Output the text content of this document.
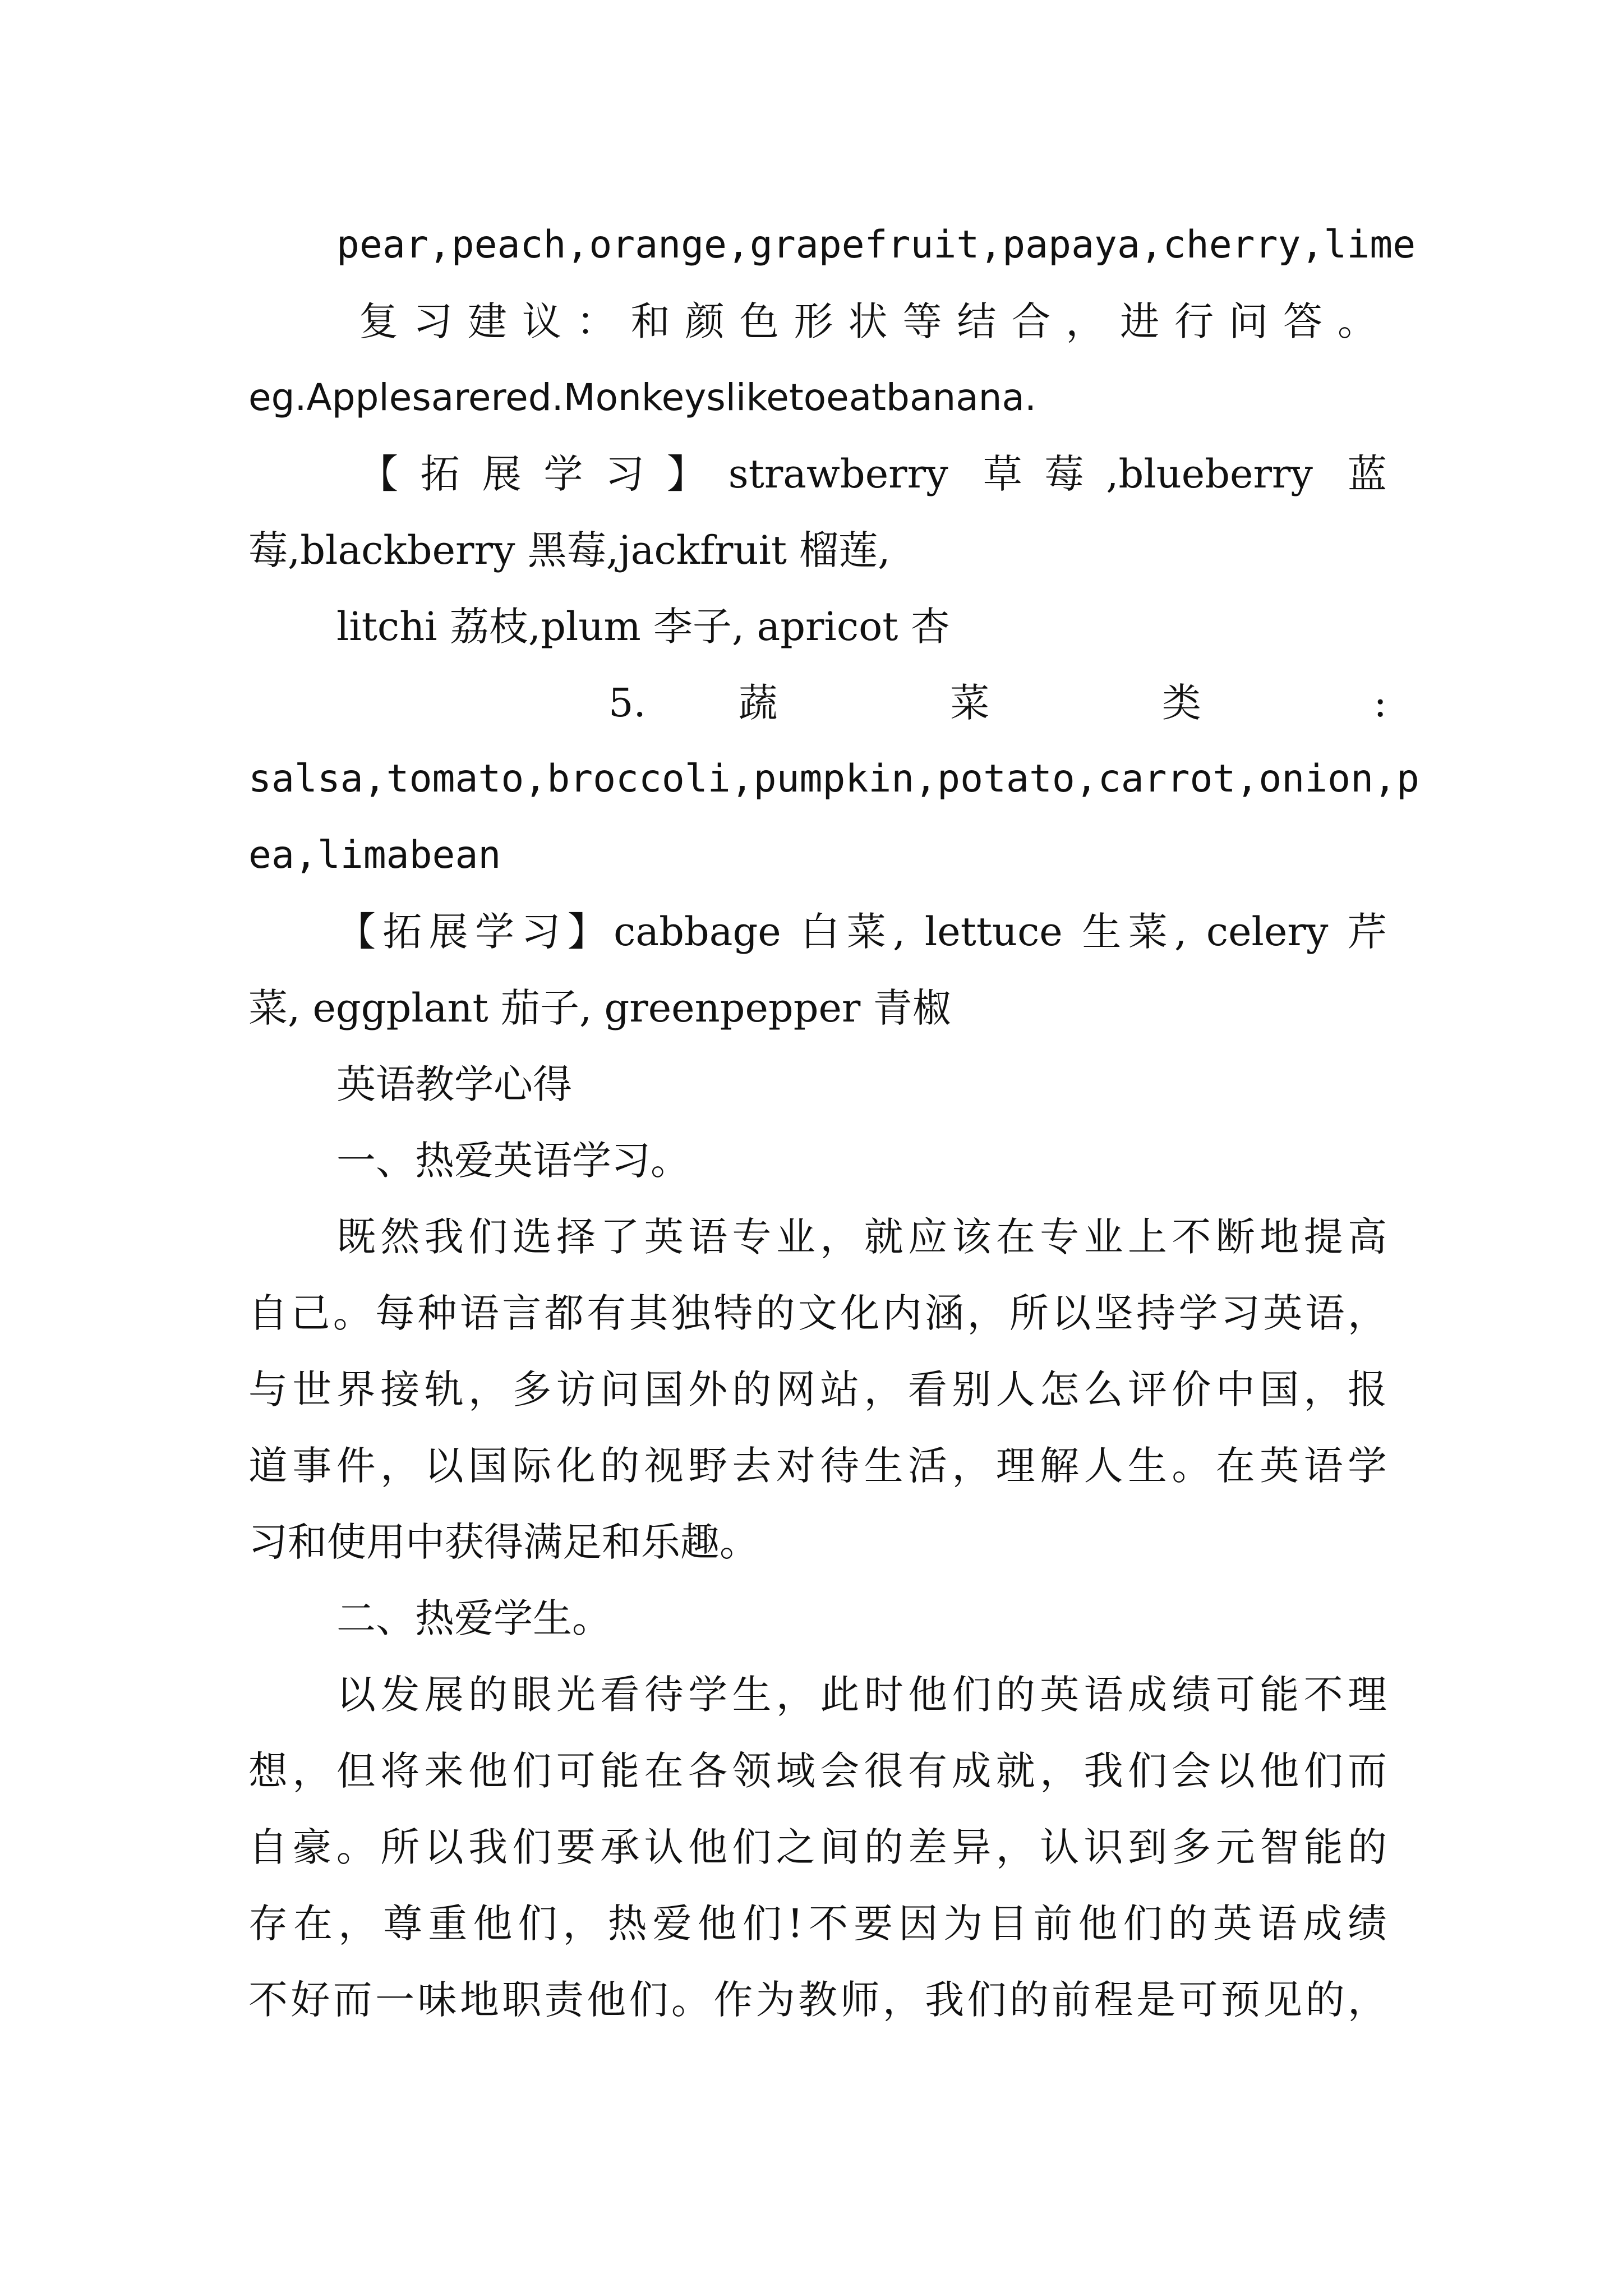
pear,peach,orange,grapefruit,papaya,cherry,lime
复习建议：和颜色形状等结合，进行问答。
eg.Applesarered.Monkeysliketoeatbanana.
【拓展学习】strawberry 草莓,blueberry 蓝
莓,blackberry 黑莓,jackfruit 榴莲,
litchi 荔枝,plum 李子, apricot 杏
5. 蔬 菜 类 :
salsa,tomato,broccoli,pumpkin,potato,carrot,onion,p
ea,limabean
【拓展学习】cabbage 白菜, lettuce 生菜, celery 芹
菜, eggplant 茄子, greenpepper 青椒
英语教学心得
一、热爱英语学习。
既然我们选择了英语专业，就应该在专业上不断地提高
自己。每种语言都有其独特的文化内涵，所以坚持学习英语，
与世界接轨，多访问国外的网站，看别人怎么评价中国，报
道事件，以国际化的视野去对待生活，理解人生。在英语学
习和使用中获得满足和乐趣。
二、热爱学生。
以发展的眼光看待学生，此时他们的英语成绩可能不理
想，但将来他们可能在各领域会很有成就，我们会以他们而
自豪。所以我们要承认他们之间的差异，认识到多元智能的
存在，尊重他们，热爱他们!不要因为目前他们的英语成绩
不好而一味地职责他们。作为教师，我们的前程是可预见的，
